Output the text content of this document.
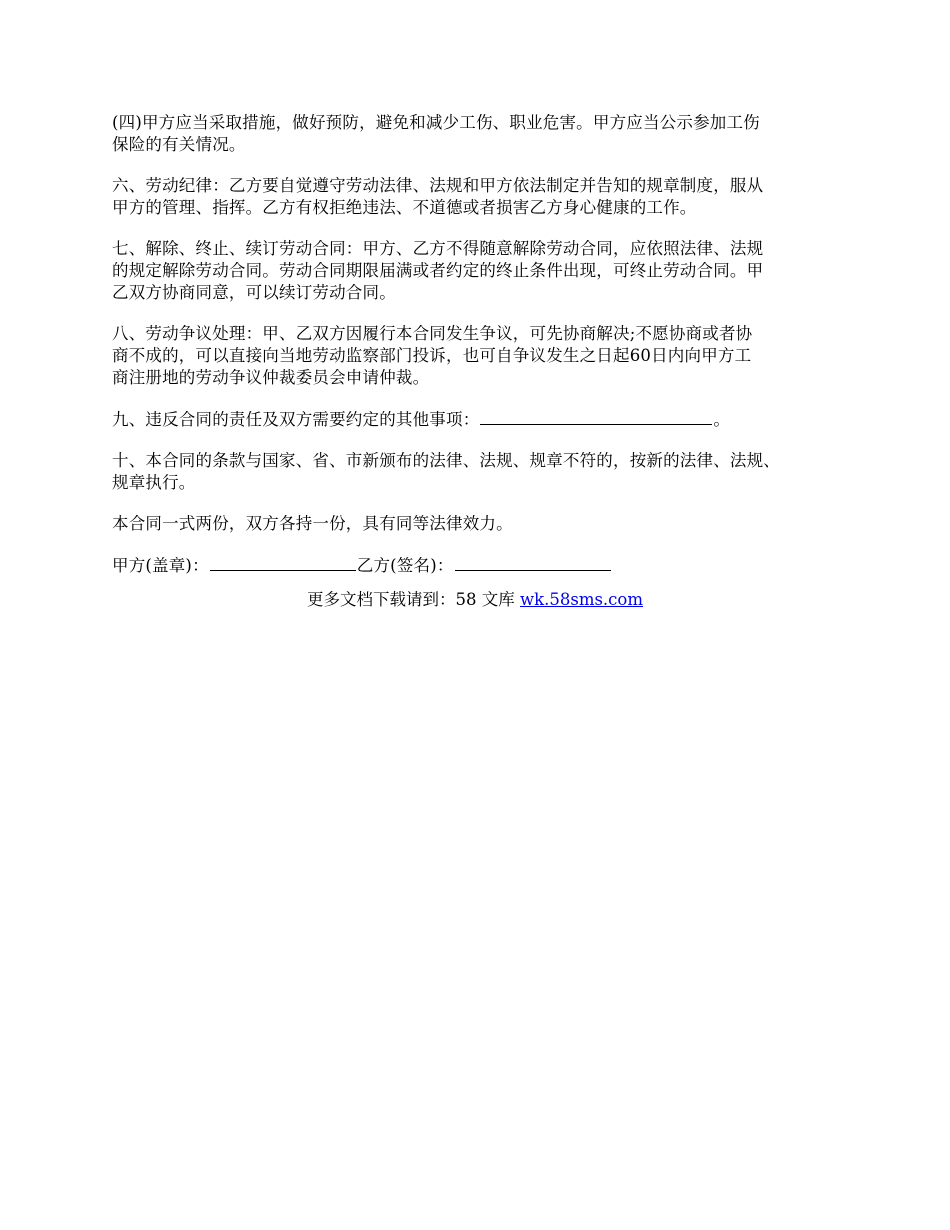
(四)甲方应当采取措施，做好预防，避免和减少工伤、职业危害。甲方应当公示参加工伤
保险的有关情况。

六、劳动纪律：乙方要自觉遵守劳动法律、法规和甲方依法制定并告知的规章制度，服从
甲方的管理、指挥。乙方有权拒绝违法、不道德或者损害乙方身心健康的工作。

七、解除、终止、续订劳动合同：甲方、乙方不得随意解除劳动合同，应依照法律、法规
的规定解除劳动合同。劳动合同期限届满或者约定的终止条件出现，可终止劳动合同。甲
乙双方协商同意，可以续订劳动合同。

八、劳动争议处理：甲、乙双方因履行本合同发生争议，可先协商解决;不愿协商或者协
商不成的，可以直接向当地劳动监察部门投诉，也可自争议发生之日起60日内向甲方工
商注册地的劳动争议仲裁委员会申请仲裁。

九、违反合同的责任及双方需要约定的其他事项：	。

十、本合同的条款与国家、省、市新颁布的法律、法规、规章不符的，按新的法律、法规、
规章执行。

本合同一式两份，双方各持一份，具有同等法律效力。

甲方(盖章)：	乙方(签名)：

更多文档下载请到：58 文库 wk.58sms.com
